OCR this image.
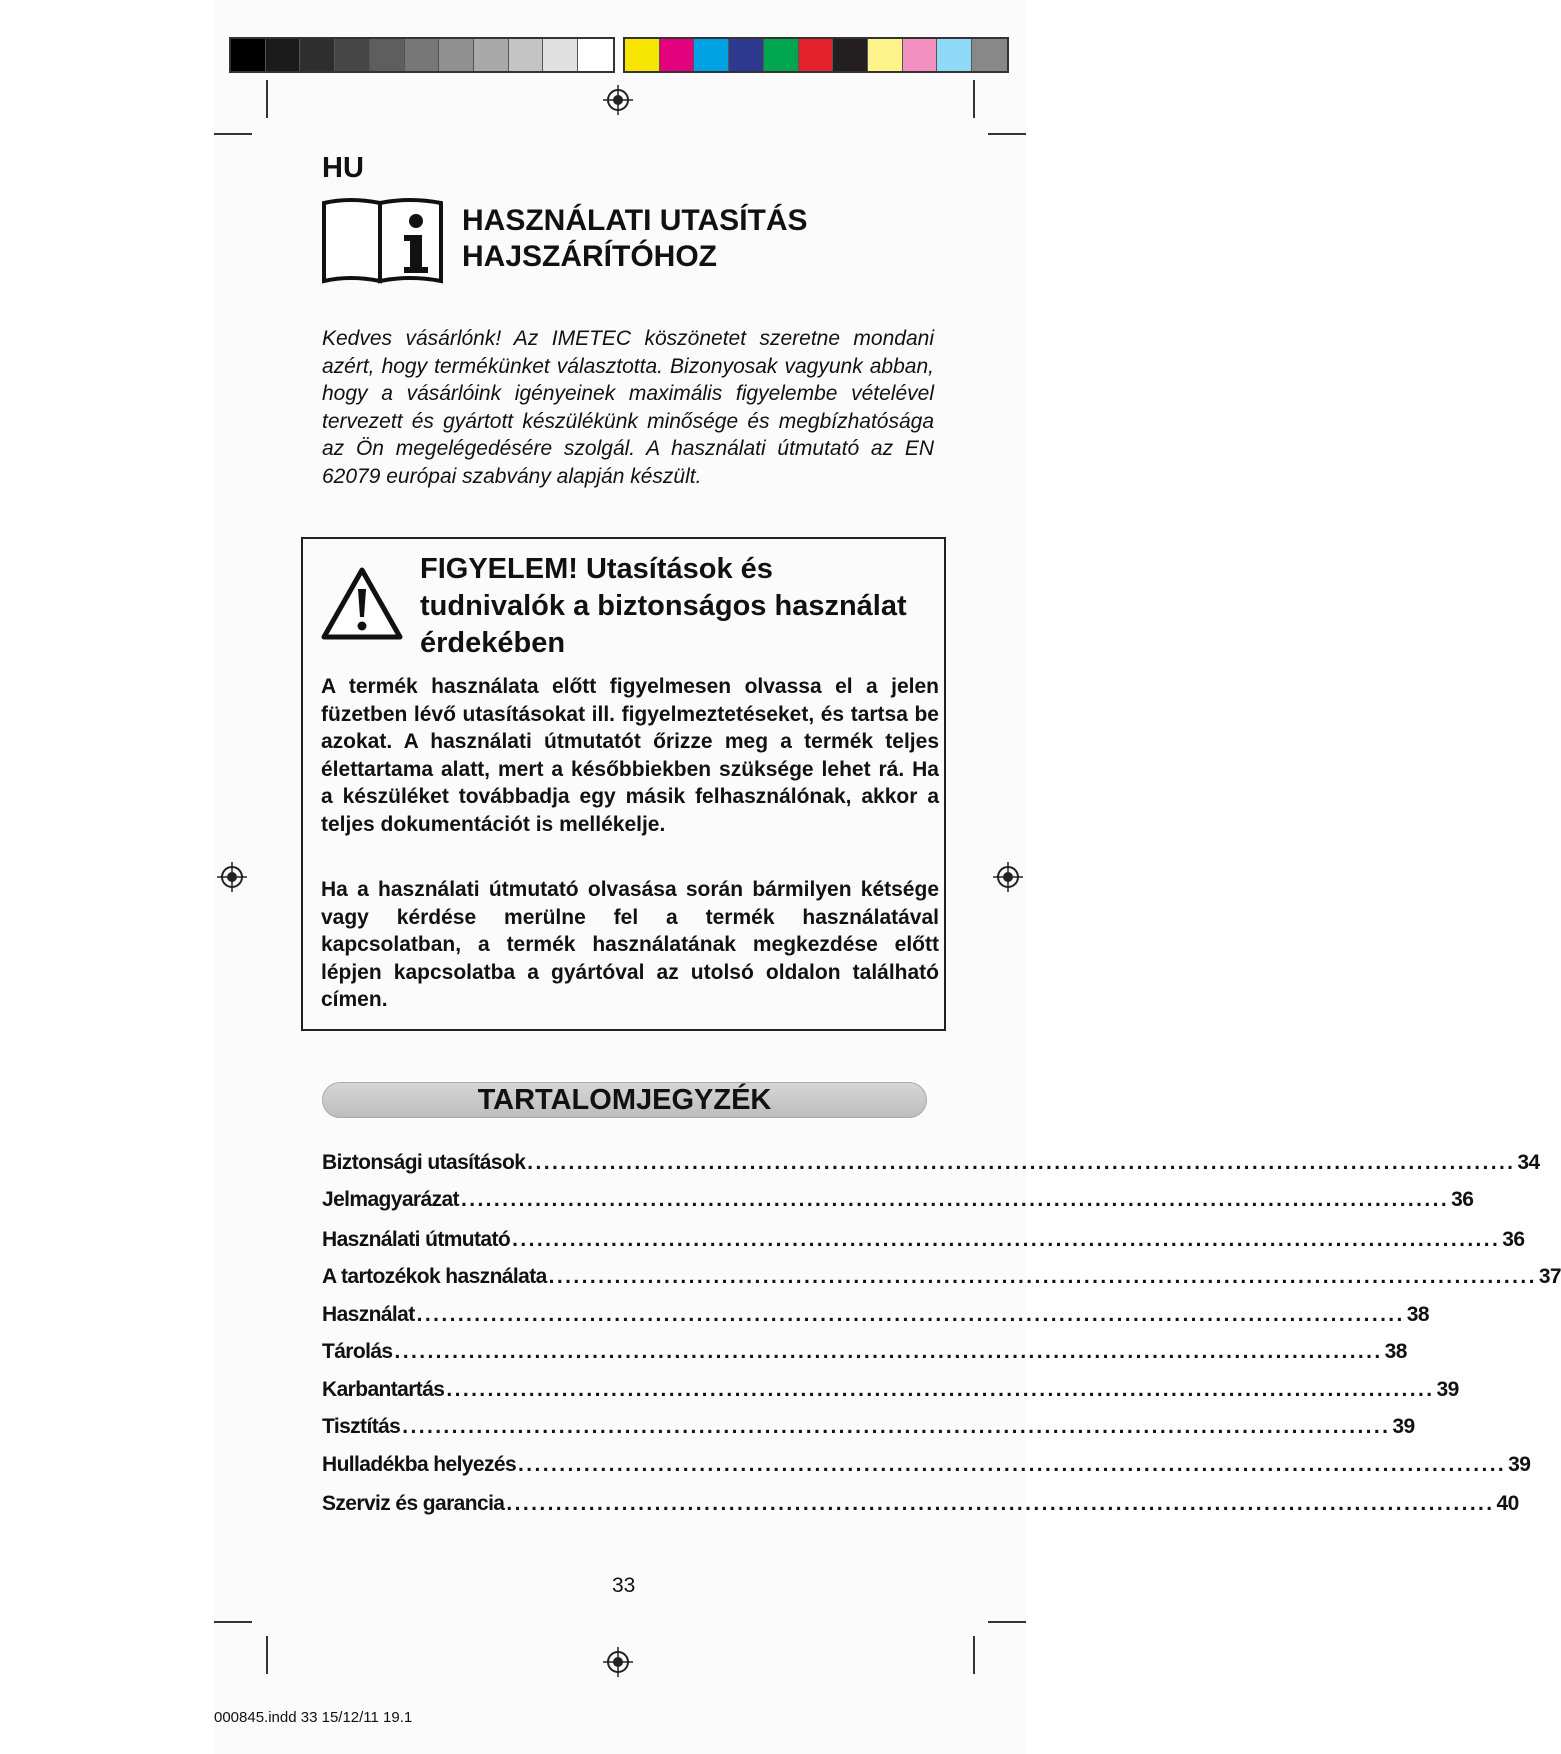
HU
HASZNÁLATI UTASÍTÁS
HAJSZÁRÍTÓHOZ
Kedves vásárlónk! Az IMETEC köszönetet szeretne mondani azért, hogy termékünket választotta. Bizonyosak vagyunk abban, hogy a vásárlóink igényeinek maximális figyelembe vételével tervezett és gyártott készülékünk minősége és megbízhatósága az Ön megelégedésére szolgál. A használati útmutató az EN 62079 európai szabvány alapján készült.
FIGYELEM! Utasítások és
tudnivalók a biztonságos használat
érdekében
A termék használata előtt figyelmesen olvassa el a jelen füzetben lévő utasításokat ill. figyelmeztetéseket, és tartsa be azokat. A használati útmutatót őrizze meg a termék teljes élettartama alatt, mert a későbbiekben szüksége lehet rá. Ha a készüléket továbbadja egy másik felhasználónak, akkor a teljes dokumentációt is mellékelje.
Ha a használati útmutató olvasása során bármilyen kétsége vagy kérdése merülne fel a termék használatával kapcsolatban, a termék használatának megkezdése előtt lépjen kapcsolatba a gyártóval az utolsó oldalon található címen.
TARTALOMJEGYZÉK
Biztonsági utasítások ........................................................................................................................ 34
Jelmagyarázat ........................................................................................................................ 36
Használati útmutató ........................................................................................................................ 36
A tartozékok használata ........................................................................................................................ 37
Használat ........................................................................................................................ 38
Tárolás ........................................................................................................................ 38
Karbantartás ........................................................................................................................ 39
Tisztítás ........................................................................................................................ 39
Hulladékba helyezés ........................................................................................................................ 39
Szerviz és garancia ........................................................................................................................ 40
33
000845.indd 33 15/12/11 19.1
